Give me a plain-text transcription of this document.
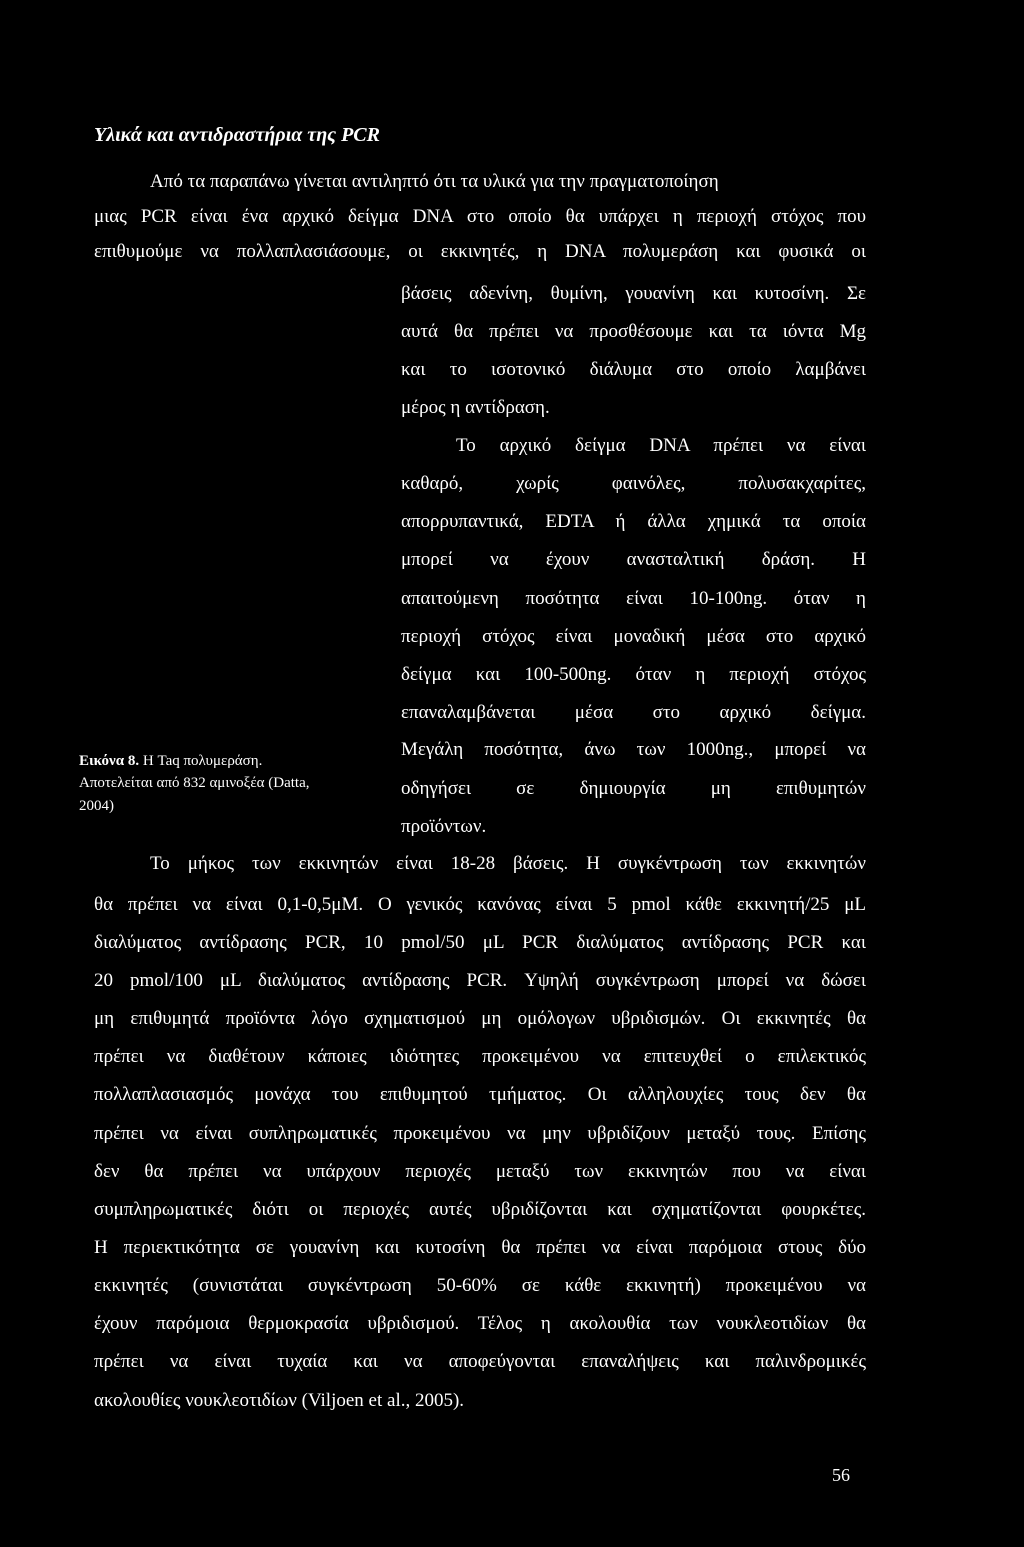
Υλικά και αντιδραστήρια της PCR
Από τα παραπάνω γίνεται αντιληπτό ότι τα υλικά για την πραγματοποίηση
μιας PCR είναι ένα αρχικό δείγμα DNA στο οποίο θα υπάρχει η περιοχή στόχος που
επιθυμούμε να πολλαπλασιάσουμε, οι εκκινητές, η DNA πολυμεράση και φυσικά οι
βάσεις αδενίνη, θυμίνη, γουανίνη και κυτοσίνη. Σε
αυτά θα πρέπει να προσθέσουμε και τα ιόντα Mg
και το ισοτονικό διάλυμα στο οποίο λαμβάνει
μέρος η αντίδραση.
Το αρχικό δείγμα DNA πρέπει να είναι
καθαρό, χωρίς φαινόλες, πολυσακχαρίτες,
απορρυπαντικά, EDTA ή άλλα χημικά τα οποία
μπορεί να έχουν ανασταλτική δράση. Η
απαιτούμενη ποσότητα είναι 10-100ng. όταν η
περιοχή στόχος είναι μοναδική μέσα στο αρχικό
δείγμα και 100-500ng. όταν η περιοχή στόχος
επαναλαμβάνεται μέσα στο αρχικό δείγμα.
Μεγάλη ποσότητα, άνω των 1000ng., μπορεί να
οδηγήσει σε δημιουργία μη επιθυμητών
προϊόντων.
Εικόνα 8. Η Taq πολυμεράση.
Αποτελείται από 832 αμινοξέα (Datta,
2004)
Το μήκος των εκκινητών είναι 18-28 βάσεις. Η συγκέντρωση των εκκινητών
θα πρέπει να είναι 0,1-0,5μM. Ο γενικός κανόνας είναι 5 pmol κάθε εκκινητή/25 μL
διαλύματος αντίδρασης PCR, 10 pmol/50 μL PCR διαλύματος αντίδρασης PCR και
20 pmol/100 μL διαλύματος αντίδρασης PCR. Υψηλή συγκέντρωση μπορεί να δώσει
μη επιθυμητά προϊόντα λόγο σχηματισμού μη ομόλογων υβριδισμών. Οι εκκινητές θα
πρέπει να διαθέτουν κάποιες ιδιότητες προκειμένου να επιτευχθεί ο επιλεκτικός
πολλαπλασιασμός μονάχα του επιθυμητού τμήματος. Οι αλληλουχίες τους δεν θα
πρέπει να είναι συπληρωματικές προκειμένου να μην υβριδίζουν μεταξύ τους. Επίσης
δεν θα πρέπει να υπάρχουν περιοχές μεταξύ των εκκινητών που να είναι
συμπληρωματικές διότι οι περιοχές αυτές υβριδίζονται και σχηματίζονται φουρκέτες.
Η περιεκτικότητα σε γουανίνη και κυτοσίνη θα πρέπει να είναι παρόμοια στους δύο
εκκινητές (συνιστάται συγκέντρωση 50-60% σε κάθε εκκινητή) προκειμένου να
έχουν παρόμοια θερμοκρασία υβριδισμού. Τέλος η ακολουθία των νουκλεοτιδίων θα
πρέπει να είναι τυχαία και να αποφεύγονται επαναλήψεις και παλινδρομικές
ακολουθίες νουκλεοτιδίων (Viljoen et al., 2005).
56
